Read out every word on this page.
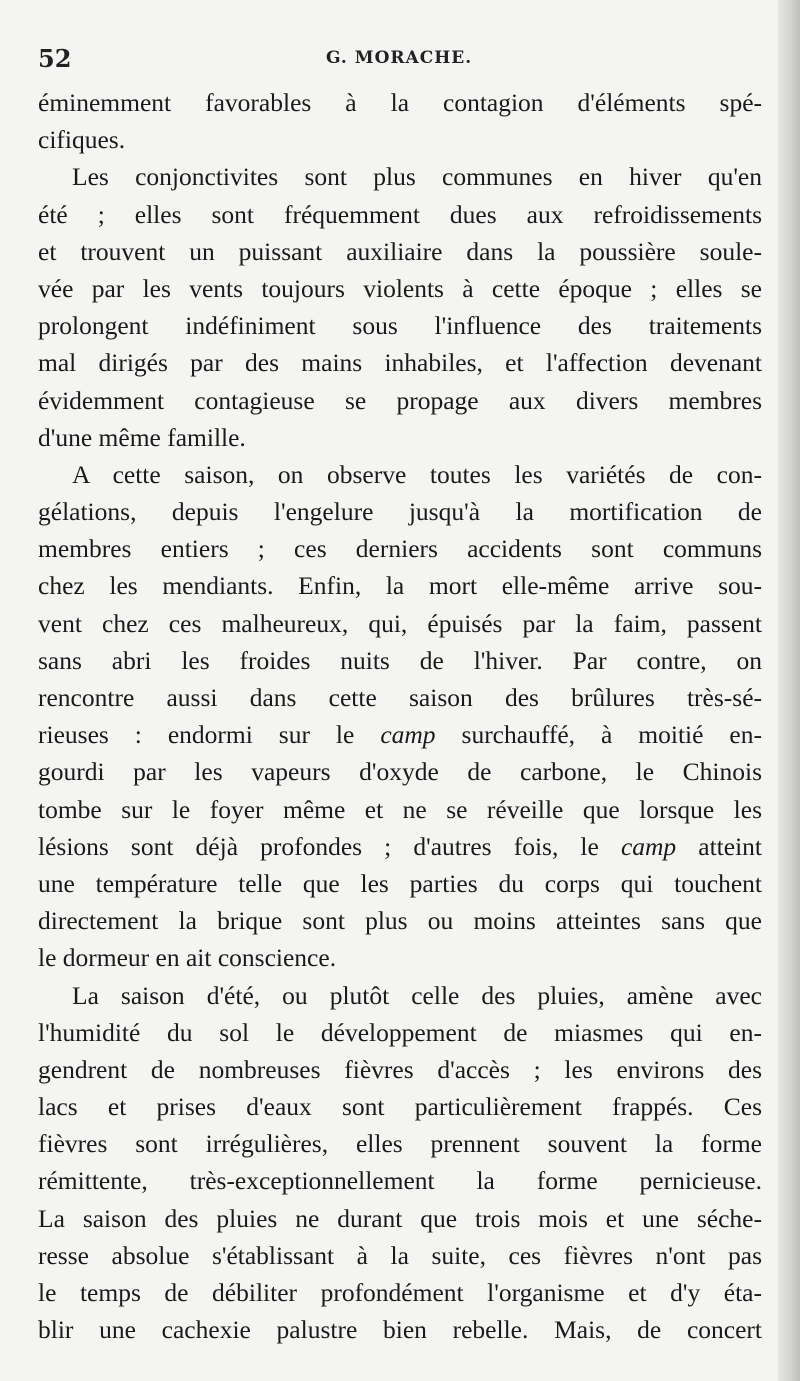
52	G. MORACHE.
éminemment favorables à la contagion d'éléments spé-
cifiques.
Les conjonctivites sont plus communes en hiver qu'en
été ; elles sont fréquemment dues aux refroidissements
et trouvent un puissant auxiliaire dans la poussière soule-
vée par les vents toujours violents à cette époque ; elles se
prolongent indéfiniment sous l'influence des traitements
mal dirigés par des mains inhabiles, et l'affection devenant
évidemment contagieuse se propage aux divers membres
d'une même famille.
A cette saison, on observe toutes les variétés de con-
gélations, depuis l'engelure jusqu'à la mortification de
membres entiers ; ces derniers accidents sont communs
chez les mendiants. Enfin, la mort elle-même arrive sou-
vent chez ces malheureux, qui, épuisés par la faim, passent
sans abri les froides nuits de l'hiver. Par contre, on
rencontre aussi dans cette saison des brûlures très-sé-
rieuses : endormi sur le camp surchauffé, à moitié en-
gourdi par les vapeurs d'oxyde de carbone, le Chinois
tombe sur le foyer même et ne se réveille que lorsque les
lésions sont déjà profondes ; d'autres fois, le camp atteint
une température telle que les parties du corps qui touchent
directement la brique sont plus ou moins atteintes sans que
le dormeur en ait conscience.
La saison d'été, ou plutôt celle des pluies, amène avec
l'humidité du sol le développement de miasmes qui en-
gendrent de nombreuses fièvres d'accès ; les environs des
lacs et prises d'eaux sont particulièrement frappés. Ces
fièvres sont irrégulières, elles prennent souvent la forme
rémittente, très-exceptionnellement la forme pernicieuse.
La saison des pluies ne durant que trois mois et une séche-
resse absolue s'établissant à la suite, ces fièvres n'ont pas
le temps de débiliter profondément l'organisme et d'y éta-
blir une cachexie palustre bien rebelle. Mais, de concert
